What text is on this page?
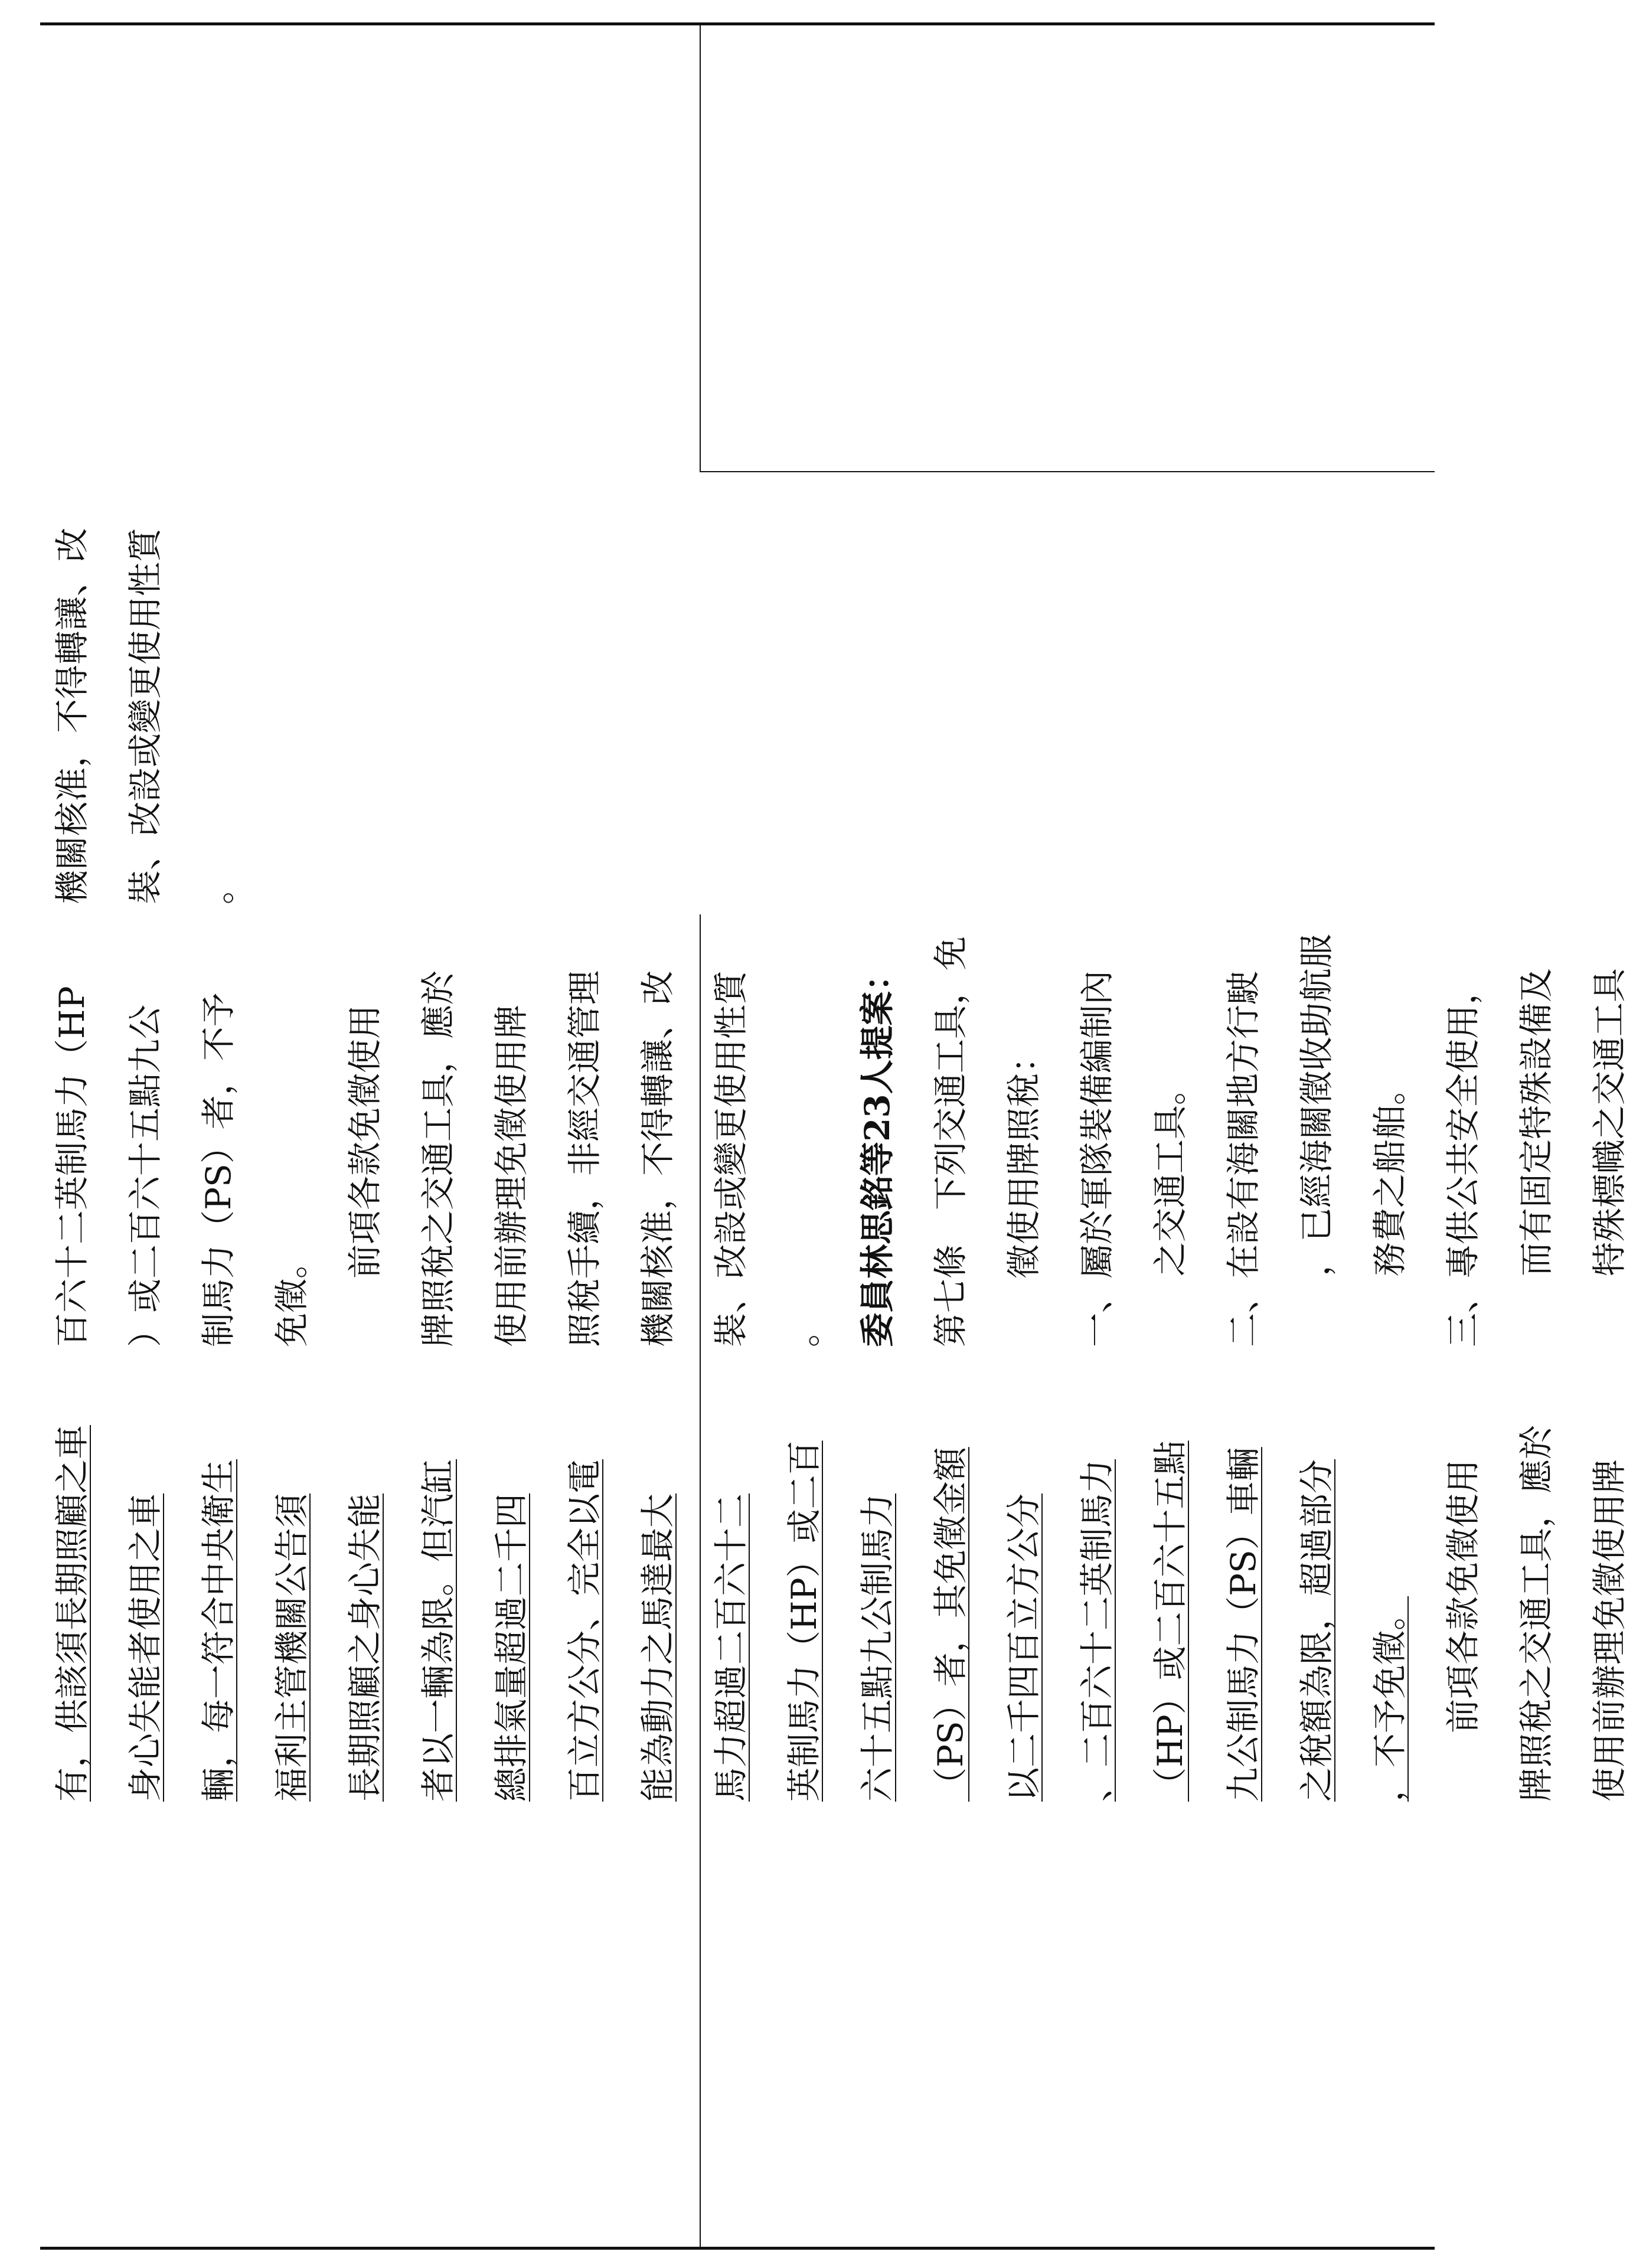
有，供該須長期照顧之車 身心失能者使用之車 輛，每一符合中央衛生 福利主管機關公告須 長期照顧之身心失能 者以一輛為限。但汽缸 總排氣量超過二千四 百立方公分、完全以電 能為動力之馬達最大 馬力超過二百六十二 英制馬力（HP）或二百 六十五點九公制馬力 （PS）者，其免徵金額 以二千四百立方公分 、二百六十二英制馬力 （HP）或二百六十五點 九公制馬力（PS）車輛 之稅額為限，超過部分 ，不予免徵。 前項各款免徵使用 牌照稅之交通工具，應於 使用前辦理免徵使用牌
百六十二英制馬力（HP ）或二百六十五點九公 制馬力（PS）者，不予 免徵。
前項各款免徵使用 牌照稅之交通工具，應於 使用前辦理免徵使用牌 照稅手續，非經交通管理 機關核准，不得轉讓、改 裝、改設或變更使用性質 。 委員林思銘等23人提案： 第七條　下列交通工具，免 徵使用牌照稅： 一、屬於軍隊裝備編制內 之交通工具。 二、在設有海關地方行駛 ，已經海關徵收助航服 務費之船舶。 三、專供公共安全使用， 而有固定特殊設備及 特殊標幟之交通工具
機關核准，不得轉讓、改 裝、改設或變更使用性質 。
